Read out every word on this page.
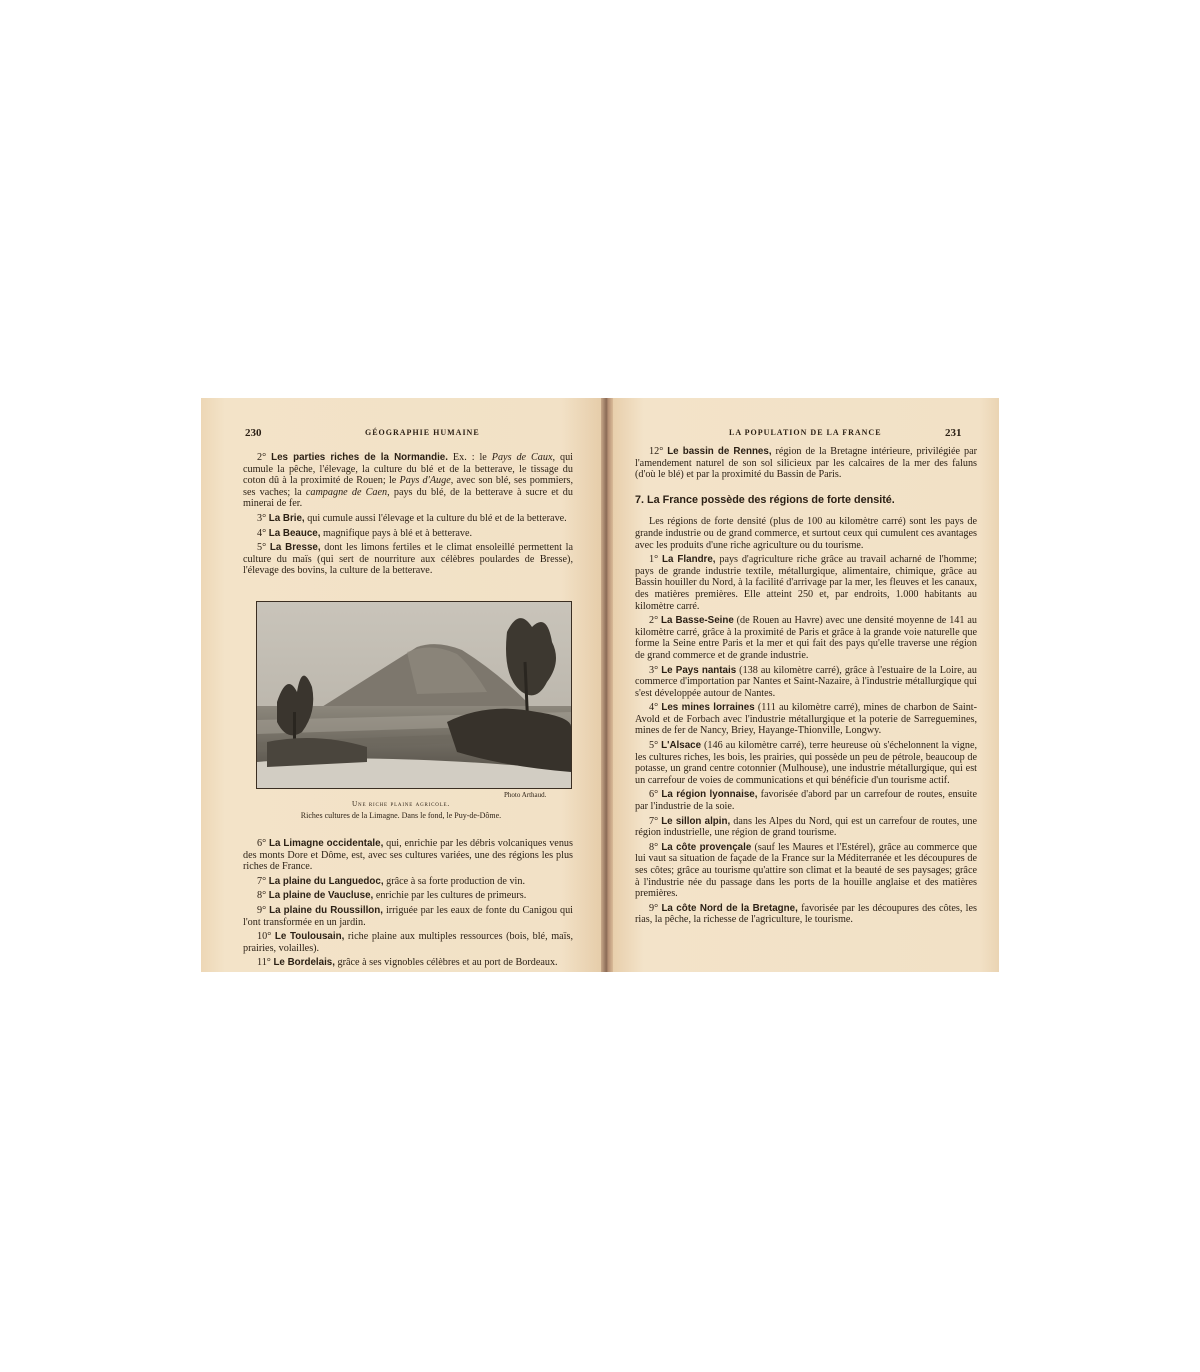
230	GÉOGRAPHIE HUMAINE

2° Les parties riches de la Normandie. Ex. : le Pays de Caux, qui cumule la pêche, l'élevage, la culture du blé et de la betterave, le tissage du coton dû à la proximité de Rouen; le Pays d'Auge, avec son blé, ses pommiers, ses vaches; la campagne de Caen, pays du blé, de la betterave à sucre et du minerai de fer.

3° La Brie, qui cumule aussi l'élevage et la culture du blé et de la betterave.

4° La Beauce, magnifique pays à blé et à betterave.

5° La Bresse, dont les limons fertiles et le climat ensoleillé permettent la culture du maïs (qui sert de nourriture aux célèbres poulardes de Bresse), l'élevage des bovins, la culture de la betterave.

Photo Arthaud.
Une riche plaine agricole.
Riches cultures de la Limagne. Dans le fond, le Puy-de-Dôme.

6° La Limagne occidentale, qui, enrichie par les débris volcaniques venus des monts Dore et Dôme, est, avec ses cultures variées, une des régions les plus riches de France.

7° La plaine du Languedoc, grâce à sa forte production de vin.

8° La plaine de Vaucluse, enrichie par les cultures de primeurs.

9° La plaine du Roussillon, irriguée par les eaux de fonte du Canigou qui l'ont transformée en un jardin.

10° Le Toulousain, riche plaine aux multiples ressources (bois, blé, maïs, prairies, volailles).

11° Le Bordelais, grâce à ses vignobles célèbres et au port de Bordeaux.

LA POPULATION DE LA FRANCE	231

12° Le bassin de Rennes, région de la Bretagne intérieure, privilégiée par l'amendement naturel de son sol silicieux par les calcaires de la mer des faluns (d'où le blé) et par la proximité du Bassin de Paris.

7. La France possède des régions de forte densité.

Les régions de forte densité (plus de 100 au kilomètre carré) sont les pays de grande industrie ou de grand commerce, et surtout ceux qui cumulent ces avantages avec les produits d'une riche agriculture ou du tourisme.

1° La Flandre, pays d'agriculture riche grâce au travail acharné de l'homme; pays de grande industrie textile, métallurgique, alimentaire, chimique, grâce au Bassin houiller du Nord, à la facilité d'arrivage par la mer, les fleuves et les canaux, des matières premières. Elle atteint 250 et, par endroits, 1.000 habitants au kilomètre carré.

2° La Basse-Seine (de Rouen au Havre) avec une densité moyenne de 141 au kilomètre carré, grâce à la proximité de Paris et grâce à la grande voie naturelle que forme la Seine entre Paris et la mer et qui fait des pays qu'elle traverse une région de grand commerce et de grande industrie.

3° Le Pays nantais (138 au kilomètre carré), grâce à l'estuaire de la Loire, au commerce d'importation par Nantes et Saint-Nazaire, à l'industrie métallurgique qui s'est développée autour de Nantes.

4° Les mines lorraines (111 au kilomètre carré), mines de charbon de Saint-Avold et de Forbach avec l'industrie métallurgique et la poterie de Sarreguemines, mines de fer de Nancy, Briey, Hayange-Thionville, Longwy.

5° L'Alsace (146 au kilomètre carré), terre heureuse où s'échelonnent la vigne, les cultures riches, les bois, les prairies, qui possède un peu de pétrole, beaucoup de potasse, un grand centre cotonnier (Mulhouse), une industrie métallurgique, qui est un carrefour de voies de communications et qui bénéficie d'un tourisme actif.

6° La région lyonnaise, favorisée d'abord par un carrefour de routes, ensuite par l'industrie de la soie.

7° Le sillon alpin, dans les Alpes du Nord, qui est un carrefour de routes, une région industrielle, une région de grand tourisme.

8° La côte provençale (sauf les Maures et l'Estérel), grâce au commerce que lui vaut sa situation de façade de la France sur la Méditerranée et les découpures de ses côtes; grâce au tourisme qu'attire son climat et la beauté de ses paysages; grâce à l'industrie née du passage dans les ports de la houille anglaise et des matières premières.

9° La côte Nord de la Bretagne, favorisée par les découpures des côtes, les rias, la pêche, la richesse de l'agriculture, le tourisme.
